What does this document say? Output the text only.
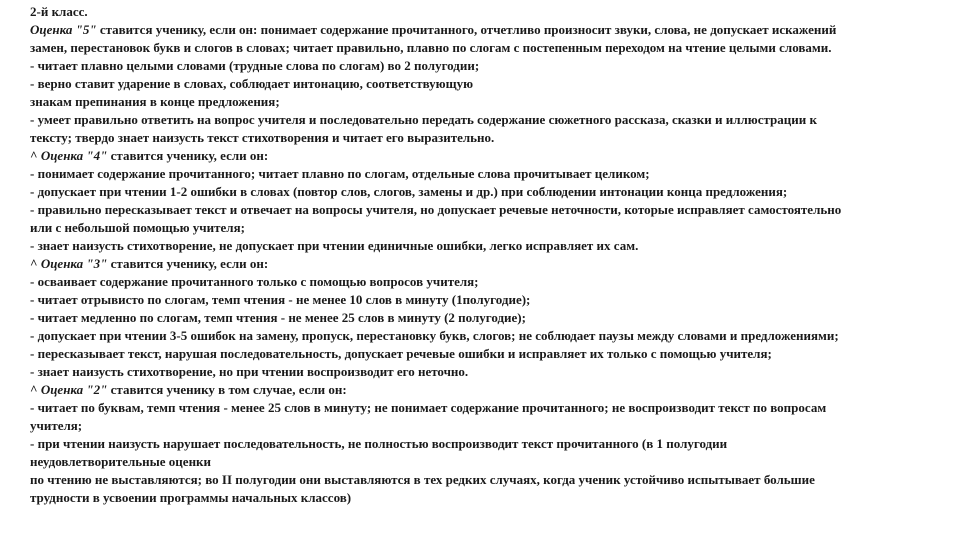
2-й класс.
Оценка "5" ставится ученику, если он: понимает содержание прочитанного, отчетливо произносит звуки, слова, не допускает искажений
замен, перестановок букв и слогов в словах; читает правильно, плавно по слогам с постепенным переходом на чтение целыми словами.
- читает плавно целыми словами (трудные слова по слогам) во 2 полугодии;
- верно ставит ударение в словах, соблюдает интонацию, соответствующую
знакам препинания в конце предложения;
- умеет правильно ответить на вопрос учителя и последовательно передать содержание сюжетного рассказа, сказки и иллюстрации к
тексту; твердо знает наизусть текст стихотворения и читает его выразительно.
^ Оценка "4" ставится ученику, если он:
- понимает содержание прочитанного; читает плавно по слогам, отдельные слова прочитывает целиком;
- допускает при чтении 1-2 ошибки в словах (повтор слов, слогов, замены и др.) при соблюдении интонации конца предложения;
- правильно пересказывает текст и отвечает на вопросы учителя, но допускает речевые неточности, которые исправляет самостоятельно
или с небольшой помощью учителя;
- знает наизусть стихотворение, не допускает при чтении единичные ошибки, легко исправляет их сам.
^ Оценка "3" ставится ученику, если он:
- осваивает содержание прочитанного только с помощью вопросов учителя;
- читает отрывисто по слогам, темп чтения - не менее 10 слов в минуту (1полугодие);
- читает медленно по слогам, темп чтения - не менее 25 слов в минуту (2 полугодие);
- допускает при чтении 3-5 ошибок на замену, пропуск, перестановку букв, слогов; не соблюдает паузы между словами и предложениями;
- пересказывает текст, нарушая последовательность, допускает речевые ошибки и исправляет их только с помощью учителя;
- знает наизусть стихотворение, но при чтении воспроизводит его неточно.
^ Оценка "2" ставится ученику в том случае, если он:
- читает по буквам, темп чтения - менее 25 слов в минуту; не понимает содержание прочитанного; не воспроизводит текст по вопросам
учителя;
- при чтении наизусть нарушает последовательность, не полностью воспроизводит текст прочитанного (в 1 полугодии
неудовлетворительные оценки
по чтению не выставляются; во II полугодии они выставляются в тех редких случаях, когда ученик устойчиво испытывает большие
трудности в усвоении программы начальных классов)
